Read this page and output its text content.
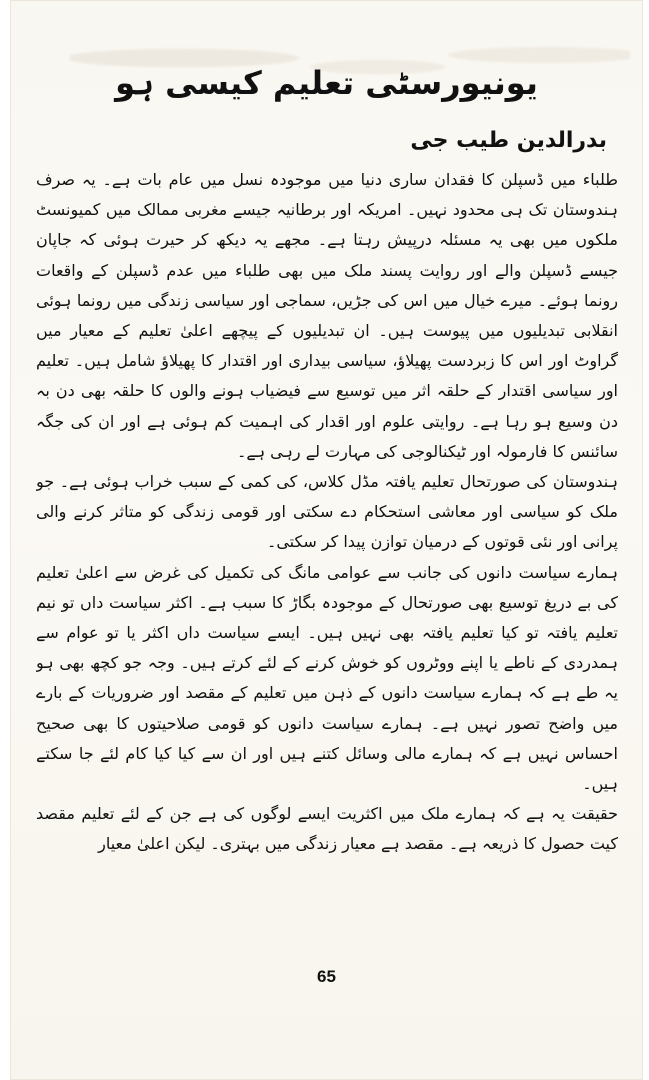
یونیورسٹی تعلیم کیسی ہو
بدرالدین طیب جی

طلباء میں ڈسپلن کا فقدان ساری دنیا میں موجودہ نسل میں عام بات ہے۔ یہ صرف ہندوستان تک ہی محدود نہیں۔ امریکہ اور برطانیہ جیسے مغربی ممالک میں کمیونسٹ ملکوں میں بھی یہ مسئلہ درپیش رہتا ہے۔ مجھے یہ دیکھ کر حیرت ہوئی کہ جاپان جیسے ڈسپلن والے اور روایت پسند ملک میں بھی طلباء میں عدم ڈسپلن کے واقعات رونما ہوئے۔ میرے خیال میں اس کی جڑیں، سماجی اور سیاسی زندگی میں رونما ہوئی انقلابی تبدیلیوں میں پیوست ہیں۔ ان تبدیلیوں کے پیچھے اعلیٰ تعلیم کے معیار میں گراوٹ اور اس کا زبردست پھیلاؤ، سیاسی بیداری اور اقتدار کا پھیلاؤ شامل ہیں۔ تعلیم اور سیاسی اقتدار کے حلقہ اثر میں توسیع سے فیضیاب ہونے والوں کا حلقہ بھی دن بہ دن وسیع ہو رہا ہے۔ روایتی علوم اور اقدار کی اہمیت کم ہوئی ہے اور ان کی جگہ سائنس کا فارمولہ اور ٹیکنالوجی کی مہارت لے رہی ہے۔

ہندوستان کی صورتحال تعلیم یافتہ مڈل کلاس، کی کمی کے سبب خراب ہوئی ہے۔ جو ملک کو سیاسی اور معاشی استحکام دے سکتی اور قومی زندگی کو متاثر کرنے والی پرانی اور نئی قوتوں کے درمیان توازن پیدا کر سکتی۔

ہمارے سیاست دانوں کی جانب سے عوامی مانگ کی تکمیل کی غرض سے اعلیٰ تعلیم کی بے دریغ توسیع بھی صورتحال کے موجودہ بگاڑ کا سبب ہے۔ اکثر سیاست داں تو نیم تعلیم یافتہ تو کیا تعلیم یافتہ بھی نہیں ہیں۔ ایسے سیاست داں اکثر یا تو عوام سے ہمدردی کے ناطے یا اپنے ووٹروں کو خوش کرنے کے لئے کرتے ہیں۔ وجہ جو کچھ بھی ہو یہ طے ہے کہ ہمارے سیاست دانوں کے ذہن میں تعلیم کے مقصد اور ضروریات کے بارے میں واضح تصور نہیں ہے۔ ہمارے سیاست دانوں کو قومی صلاحیتوں کا بھی صحیح احساس نہیں ہے کہ ہمارے مالی وسائل کتنے ہیں اور ان سے کیا کیا کام لئے جا سکتے ہیں۔

حقیقت یہ ہے کہ ہمارے ملک میں اکثریت ایسے لوگوں کی ہے جن کے لئے تعلیم مقصد کیت حصول کا ذریعہ ہے۔ مقصد ہے معیار زندگی میں بہتری۔ لیکن اعلیٰ معیار

65
